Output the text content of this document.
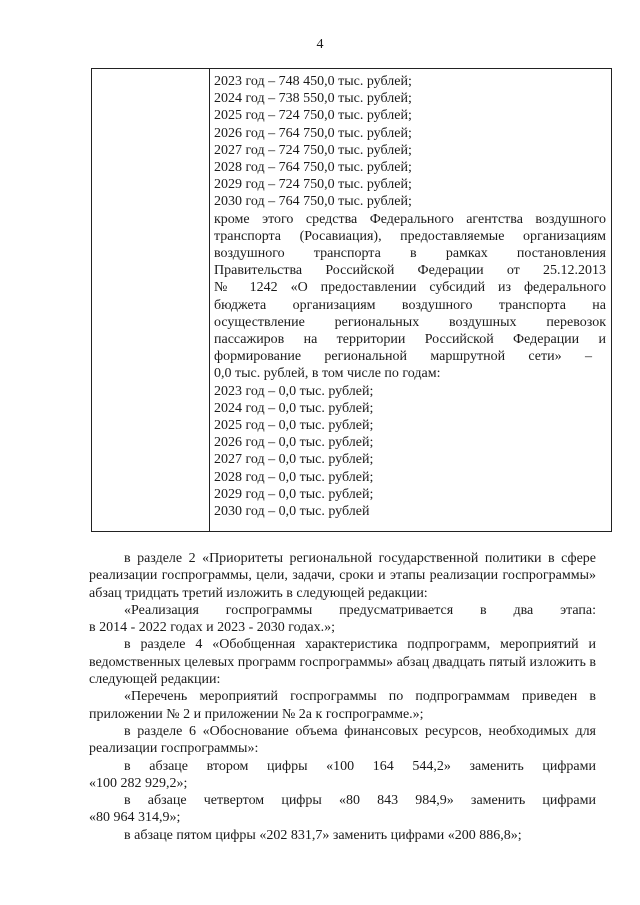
4
2023 год – 748 450,0 тыс. рублей;
2024 год – 738 550,0 тыс. рублей;
2025 год – 724 750,0 тыс. рублей;
2026 год – 764 750,0 тыс. рублей;
2027 год – 724 750,0 тыс. рублей;
2028 год – 764 750,0 тыс. рублей;
2029 год – 724 750,0 тыс. рублей;
2030 год – 764 750,0 тыс. рублей;
кроме этого средства Федерального агентства воздушного
транспорта (Росавиация), предоставляемые организациям
воздушного транспорта в рамках постановления
Правительства Российской Федерации от 25.12.2013
№ 1242 «О предоставлении субсидий из федерального
бюджета организациям воздушного транспорта на
осуществление региональных воздушных перевозок
пассажиров на территории Российской Федерации и
формирование региональной маршрутной сети» –
0,0 тыс. рублей, в том числе по годам:
2023 год – 0,0 тыс. рублей;
2024 год – 0,0 тыс. рублей;
2025 год – 0,0 тыс. рублей;
2026 год – 0,0 тыс. рублей;
2027 год – 0,0 тыс. рублей;
2028 год – 0,0 тыс. рублей;
2029 год – 0,0 тыс. рублей;
2030 год – 0,0 тыс. рублей
в разделе 2 «Приоритеты региональной государственной политики в сфере реализации госпрограммы, цели, задачи, сроки и этапы реализации госпрограммы» абзац тридцать третий изложить в следующей редакции:
«Реализация госпрограммы предусматривается в два этапа:
в 2014 - 2022 годах и 2023 - 2030 годах.»;
в разделе 4 «Обобщенная характеристика подпрограмм, мероприятий и ведомственных целевых программ госпрограммы» абзац двадцать пятый изложить в следующей редакции:
«Перечень мероприятий госпрограммы по подпрограммам приведен в приложении № 2 и приложении № 2а к госпрограмме.»;
в разделе 6 «Обоснование объема финансовых ресурсов, необходимых для реализации госпрограммы»:
в абзаце втором цифры «100 164 544,2» заменить цифрами
«100 282 929,2»;
в абзаце четвертом цифры «80 843 984,9» заменить цифрами
«80 964 314,9»;
в абзаце пятом цифры «202 831,7» заменить цифрами «200 886,8»;
